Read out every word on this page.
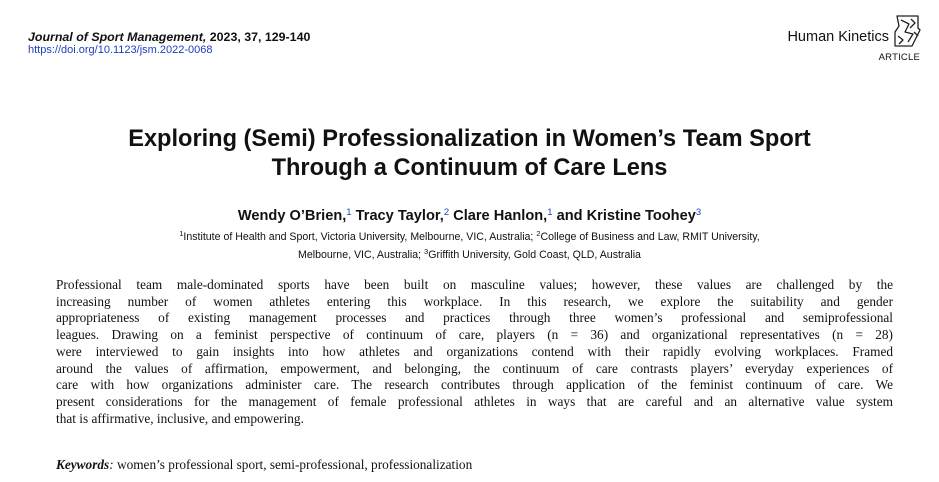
Journal of Sport Management, 2023, 37, 129-140
https://doi.org/10.1123/jsm.2022-0068
Human Kinetics
ARTICLE
Exploring (Semi) Professionalization in Women’s Team Sport
Through a Continuum of Care Lens
Wendy O’Brien,$^1$ Tracy Taylor,$^2$ Clare Hanlon,$^1$ and Kristine Toohey$^3$
$^1$Institute of Health and Sport, Victoria University, Melbourne, VIC, Australia; $^2$College of Business and Law, RMIT University,
Melbourne, VIC, Australia; $^3$Griffith University, Gold Coast, QLD, Australia
Professional team male-dominated sports have been built on masculine values; however, these values are challenged by the
increasing number of women athletes entering this workplace. In this research, we explore the suitability and gender
appropriateness of existing management processes and practices through three women’s professional and semiprofessional
leagues. Drawing on a feminist perspective of continuum of care, players (n = 36) and organizational representatives (n = 28)
were interviewed to gain insights into how athletes and organizations contend with their rapidly evolving workplaces. Framed
around the values of affirmation, empowerment, and belonging, the continuum of care contrasts players’ everyday experiences of
care with how organizations administer care. The research contributes through application of the feminist continuum of care. We
present considerations for the management of female professional athletes in ways that are careful and an alternative value system
that is affirmative, inclusive, and empowering.
Keywords: women’s professional sport, semi-professional, professionalization
